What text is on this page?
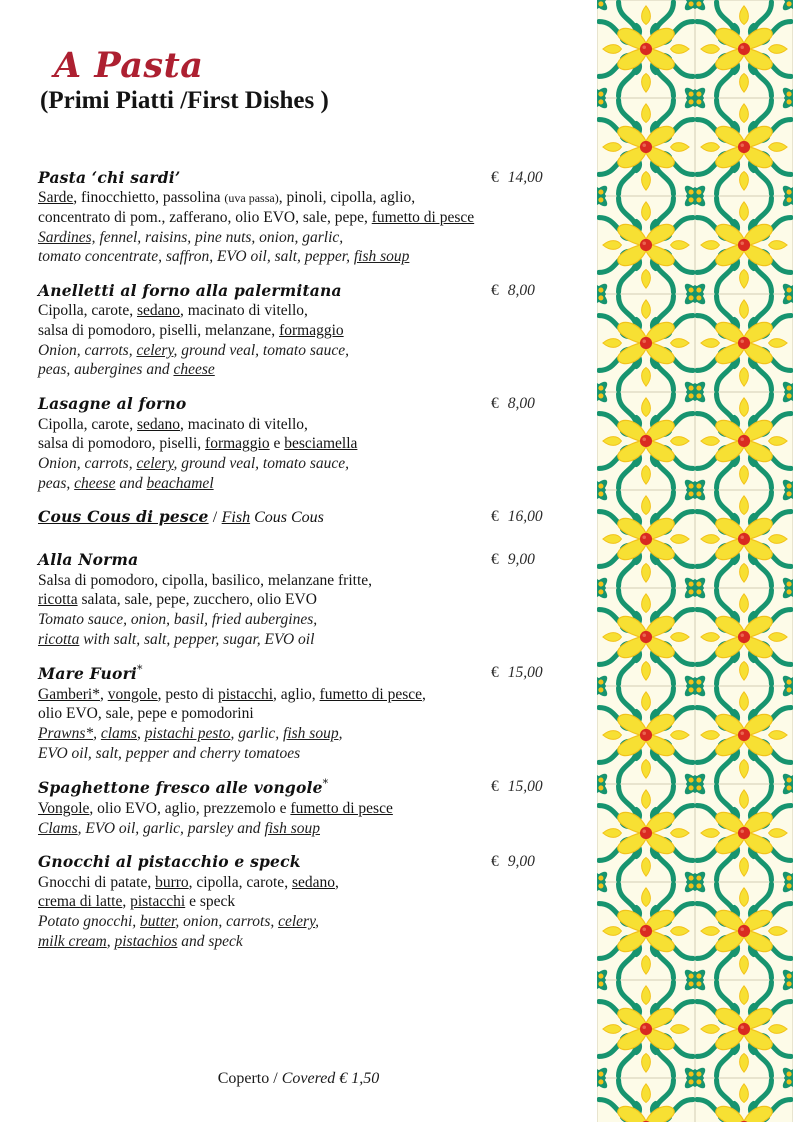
A Pasta
(Primi Piatti /First Dishes )
Pasta ‘chi sardi’	€ 14,00
Sarde, finocchietto, passolina (uva passa), pinoli, cipolla, aglio,
concentrato di pom., zafferano, olio EVO, sale, pepe, fumetto di pesce
Sardines, fennel, raisins, pine nuts, onion, garlic,
tomato concentrate, saffron, EVO oil, salt, pepper, fish soup
Anelletti al forno alla palermitana	€ 8,00
Cipolla, carote, sedano, macinato di vitello,
salsa di pomodoro, piselli, melanzane, formaggio
Onion, carrots, celery, ground veal, tomato sauce,
peas, aubergines and cheese
Lasagne al forno	€ 8,00
Cipolla, carote, sedano, macinato di vitello,
salsa di pomodoro, piselli, formaggio e besciamella
Onion, carrots, celery, ground veal, tomato sauce,
peas, cheese and beachamel
Cous Cous di pesce / Fish Cous Cous	€ 16,00
Alla Norma	€ 9,00
Salsa di pomodoro, cipolla, basilico, melanzane fritte,
ricotta salata, sale, pepe, zucchero, olio EVO
Tomato sauce, onion, basil, fried aubergines,
ricotta with salt, salt, pepper, sugar, EVO oil
Mare Fuori*	€ 15,00
Gamberi*, vongole, pesto di pistacchi, aglio, fumetto di pesce,
olio EVO, sale, pepe e pomodorini
Prawns*, clams, pistachi pesto, garlic, fish soup,
EVO oil, salt, pepper and cherry tomatoes
Spaghettone fresco alle vongole*	€ 15,00
Vongole, olio EVO, aglio, prezzemolo e fumetto di pesce
Clams, EVO oil, garlic, parsley and fish soup
Gnocchi al pistacchio e speck	€ 9,00
Gnocchi di patate, burro, cipolla, carote, sedano,
crema di latte, pistacchi e speck
Potato gnocchi, butter, onion, carrots, celery,
milk cream, pistachios and speck
Coperto / Covered € 1,50
